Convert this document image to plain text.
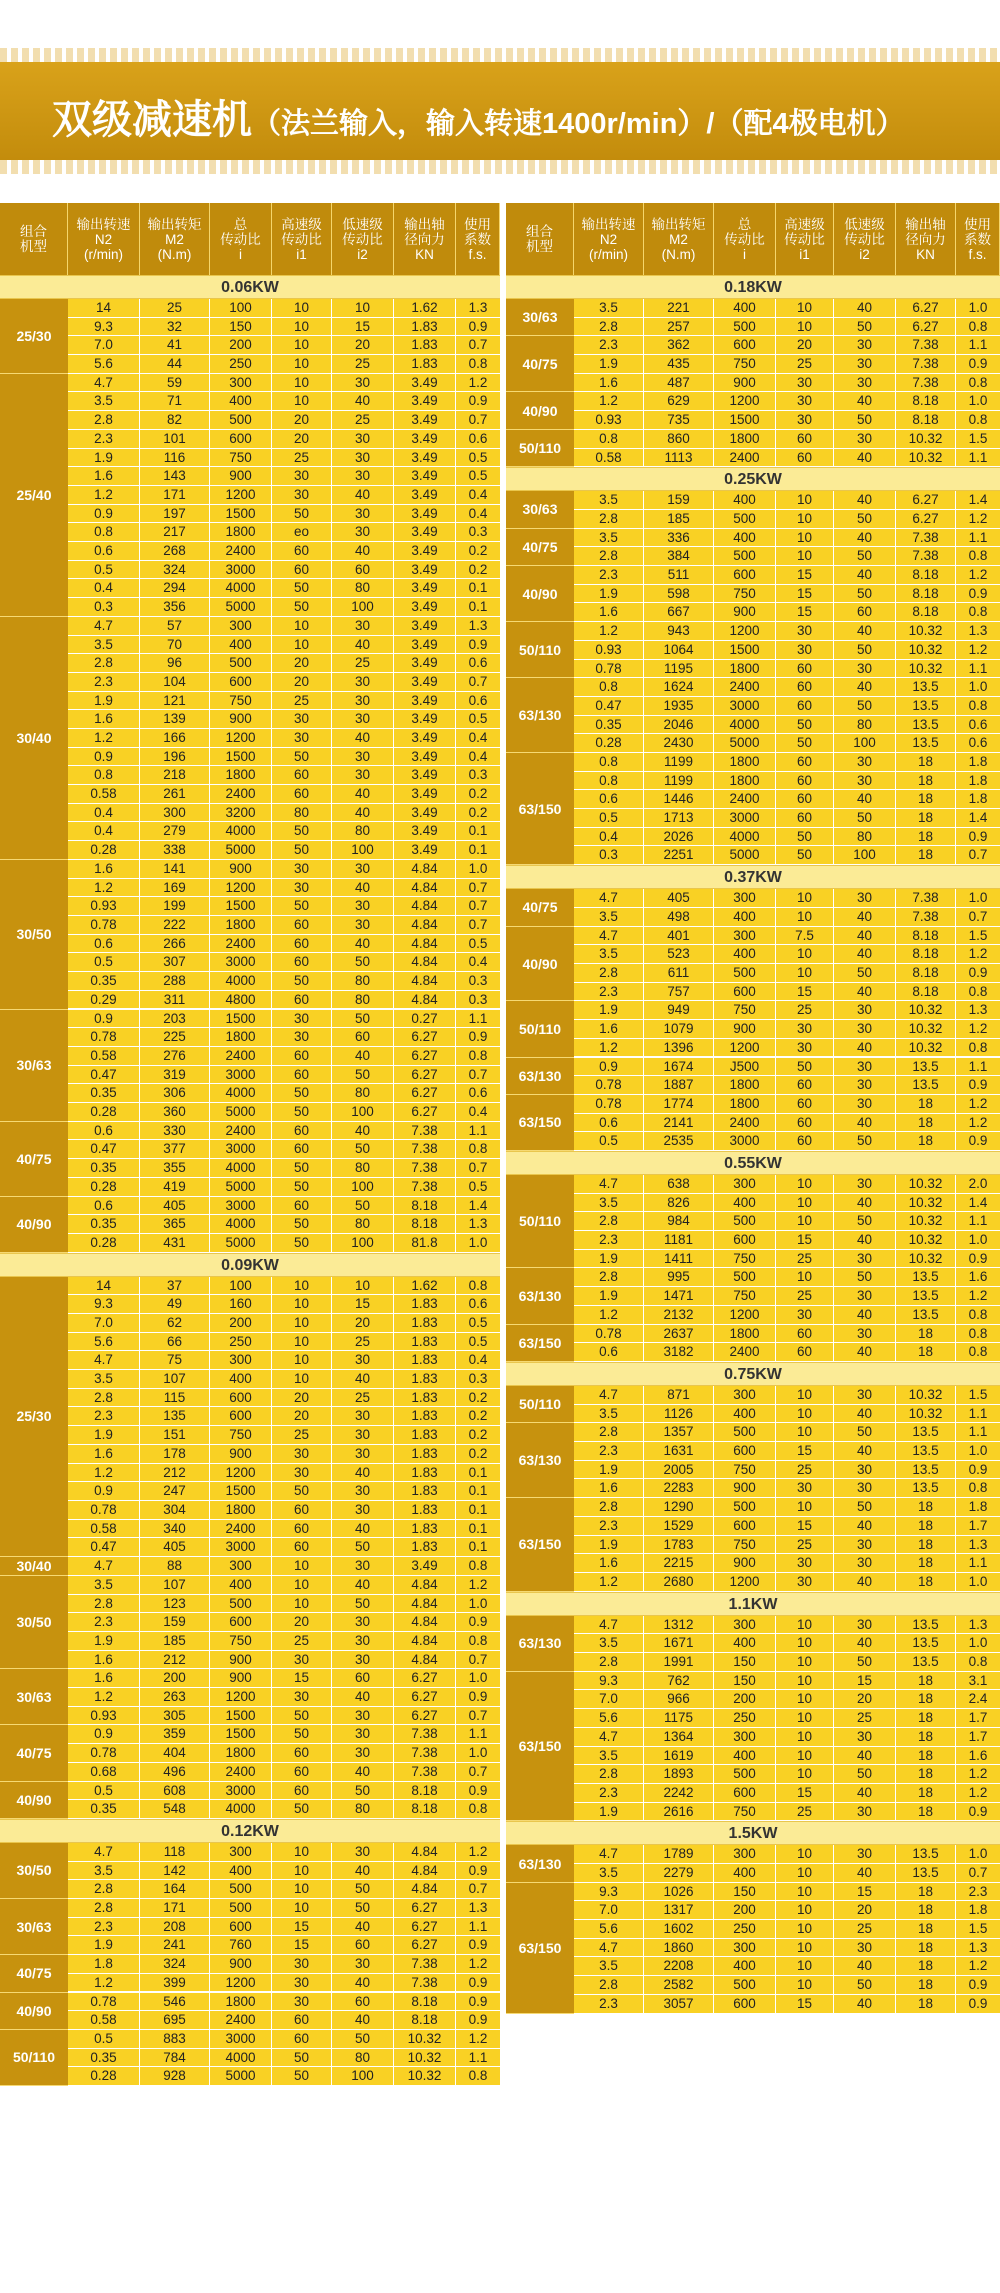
双级减速机（法兰输入，输入转速1400r/min）/（配4极电机）
组合
机型
输出转速
N2
(r/min)
输出转矩
M2
(N.m)
总
传动比
i
高速级
传动比
i1
低速级
传动比
i2
输出轴
径向力
KN
使用
系数
f.s.
0.06KW
25/30
14	25	100	10	10	1.62	1.3
9.3	32	150	10	15	1.83	0.9
7.0	41	200	10	20	1.83	0.7
5.6	44	250	10	25	1.83	0.8
25/40
4.7	59	300	10	30	3.49	1.2
3.5	71	400	10	40	3.49	0.9
2.8	82	500	20	25	3.49	0.7
2.3	101	600	20	30	3.49	0.6
1.9	116	750	25	30	3.49	0.5
1.6	143	900	30	30	3.49	0.5
1.2	171	1200	30	40	3.49	0.4
0.9	197	1500	50	30	3.49	0.4
0.8	217	1800	eo	30	3.49	0.3
0.6	268	2400	60	40	3.49	0.2
0.5	324	3000	60	60	3.49	0.2
0.4	294	4000	50	80	3.49	0.1
0.3	356	5000	50	100	3.49	0.1
30/40
4.7	57	300	10	30	3.49	1.3
3.5	70	400	10	40	3.49	0.9
2.8	96	500	20	25	3.49	0.6
2.3	104	600	20	30	3.49	0.7
1.9	121	750	25	30	3.49	0.6
1.6	139	900	30	30	3.49	0.5
1.2	166	1200	30	40	3.49	0.4
0.9	196	1500	50	30	3.49	0.4
0.8	218	1800	60	30	3.49	0.3
0.58	261	2400	60	40	3.49	0.2
0.4	300	3200	80	40	3.49	0.2
0.4	279	4000	50	80	3.49	0.1
0.28	338	5000	50	100	3.49	0.1
30/50
1.6	141	900	30	30	4.84	1.0
1.2	169	1200	30	40	4.84	0.7
0.93	199	1500	50	30	4.84	0.7
0.78	222	1800	60	30	4.84	0.7
0.6	266	2400	60	40	4.84	0.5
0.5	307	3000	60	50	4.84	0.4
0.35	288	4000	50	80	4.84	0.3
0.29	311	4800	60	80	4.84	0.3
30/63
0.9	203	1500	30	50	0.27	1.1
0.78	225	1800	30	60	6.27	0.9
0.58	276	2400	60	40	6.27	0.8
0.47	319	3000	60	50	6.27	0.7
0.35	306	4000	50	80	6.27	0.6
0.28	360	5000	50	100	6.27	0.4
40/75
0.6	330	2400	60	40	7.38	1.1
0.47	377	3000	60	50	7.38	0.8
0.35	355	4000	50	80	7.38	0.7
0.28	419	5000	50	100	7.38	0.5
40/90
0.6	405	3000	60	50	8.18	1.4
0.35	365	4000	50	80	8.18	1.3
0.28	431	5000	50	100	81.8	1.0
0.09KW
25/30
14	37	100	10	10	1.62	0.8
9.3	49	160	10	15	1.83	0.6
7.0	62	200	10	20	1.83	0.5
5.6	66	250	10	25	1.83	0.5
4.7	75	300	10	30	1.83	0.4
3.5	107	400	10	40	1.83	0.3
2.8	115	600	20	25	1.83	0.2
2.3	135	600	20	30	1.83	0.2
1.9	151	750	25	30	1.83	0.2
1.6	178	900	30	30	1.83	0.2
1.2	212	1200	30	40	1.83	0.1
0.9	247	1500	50	30	1.83	0.1
0.78	304	1800	60	30	1.83	0.1
0.58	340	2400	60	40	1.83	0.1
0.47	405	3000	60	50	1.83	0.1
30/40	4.7	88	300	10	30	3.49	0.8
30/50
3.5	107	400	10	40	4.84	1.2
2.8	123	500	10	50	4.84	1.0
2.3	159	600	20	30	4.84	0.9
1.9	185	750	25	30	4.84	0.8
1.6	212	900	30	30	4.84	0.7
30/63
1.6	200	900	15	60	6.27	1.0
1.2	263	1200	30	40	6.27	0.9
0.93	305	1500	50	30	6.27	0.7
40/75
0.9	359	1500	50	30	7.38	1.1
0.78	404	1800	60	30	7.38	1.0
0.68	496	2400	60	40	7.38	0.7
40/90
0.5	608	3000	60	50	8.18	0.9
0.35	548	4000	50	80	8.18	0.8
0.12KW
30/50
4.7	118	300	10	30	4.84	1.2
3.5	142	400	10	40	4.84	0.9
2.8	164	500	10	50	4.84	0.7
30/63
2.8	171	500	10	50	6.27	1.3
2.3	208	600	15	40	6.27	1.1
1.9	241	760	15	60	6.27	0.9
40/75
1.8	324	900	30	30	7.38	1.2
1.2	399	1200	30	40	7.38	0.9
40/90
0.78	546	1800	30	60	8.18	0.9
0.58	695	2400	60	40	8.18	0.9
50/110
0.5	883	3000	60	50	10.32	1.2
0.35	784	4000	50	80	10.32	1.1
0.28	928	5000	50	100	10.32	0.8
组合
机型
输出转速
N2
(r/min)
输出转矩
M2
(N.m)
总
传动比
i
高速级
传动比
i1
低速级
传动比
i2
输出轴
径向力
KN
使用
系数
f.s.
0.18KW
30/63
3.5	221	400	10	40	6.27	1.0
2.8	257	500	10	50	6.27	0.8
40/75
2.3	362	600	20	30	7.38	1.1
1.9	435	750	25	30	7.38	0.9
1.6	487	900	30	30	7.38	0.8
40/90
1.2	629	1200	30	40	8.18	1.0
0.93	735	1500	30	50	8.18	0.8
50/110
0.8	860	1800	60	30	10.32	1.5
0.58	1113	2400	60	40	10.32	1.1
0.25KW
30/63
3.5	159	400	10	40	6.27	1.4
2.8	185	500	10	50	6.27	1.2
40/75
3.5	336	400	10	40	7.38	1.1
2.8	384	500	10	50	7.38	0.8
40/90
2.3	511	600	15	40	8.18	1.2
1.9	598	750	15	50	8.18	0.9
1.6	667	900	15	60	8.18	0.8
50/110
1.2	943	1200	30	40	10.32	1.3
0.93	1064	1500	30	50	10.32	1.2
0.78	1195	1800	60	30	10.32	1.1
63/130
0.8	1624	2400	60	40	13.5	1.0
0.47	1935	3000	60	50	13.5	0.8
0.35	2046	4000	50	80	13.5	0.6
0.28	2430	5000	50	100	13.5	0.6
63/150
0.8	1199	1800	60	30	18	1.8
0.8	1199	1800	60	30	18	1.8
0.6	1446	2400	60	40	18	1.8
0.5	1713	3000	60	50	18	1.4
0.4	2026	4000	50	80	18	0.9
0.3	2251	5000	50	100	18	0.7
0.37KW
40/75
4.7	405	300	10	30	7.38	1.0
3.5	498	400	10	40	7.38	0.7
40/90
4.7	401	300	7.5	40	8.18	1.5
3.5	523	400	10	40	8.18	1.2
2.8	611	500	10	50	8.18	0.9
2.3	757	600	15	40	8.18	0.8
50/110
1.9	949	750	25	30	10.32	1.3
1.6	1079	900	30	30	10.32	1.2
1.2	1396	1200	30	40	10.32	0.8
63/130
0.9	1674	J500	50	30	13.5	1.1
0.78	1887	1800	60	30	13.5	0.9
63/150
0.78	1774	1800	60	30	18	1.2
0.6	2141	2400	60	40	18	1.2
0.5	2535	3000	60	50	18	0.9
0.55KW
50/110
4.7	638	300	10	30	10.32	2.0
3.5	826	400	10	40	10.32	1.4
2.8	984	500	10	50	10.32	1.1
2.3	1181	600	15	40	10.32	1.0
1.9	1411	750	25	30	10.32	0.9
63/130
2.8	995	500	10	50	13.5	1.6
1.9	1471	750	25	30	13.5	1.2
1.2	2132	1200	30	40	13.5	0.8
63/150
0.78	2637	1800	60	30	18	0.8
0.6	3182	2400	60	40	18	0.8
0.75KW
50/110
4.7	871	300	10	30	10.32	1.5
3.5	1126	400	10	40	10.32	1.1
63/130
2.8	1357	500	10	50	13.5	1.1
2.3	1631	600	15	40	13.5	1.0
1.9	2005	750	25	30	13.5	0.9
1.6	2283	900	30	30	13.5	0.8
63/150
2.8	1290	500	10	50	18	1.8
2.3	1529	600	15	40	18	1.7
1.9	1783	750	25	30	18	1.3
1.6	2215	900	30	30	18	1.1
1.2	2680	1200	30	40	18	1.0
1.1KW
63/130
4.7	1312	300	10	30	13.5	1.3
3.5	1671	400	10	40	13.5	1.0
2.8	1991	150	10	50	13.5	0.8
63/150
9.3	762	150	10	15	18	3.1
7.0	966	200	10	20	18	2.4
5.6	1175	250	10	25	18	1.7
4.7	1364	300	10	30	18	1.7
3.5	1619	400	10	40	18	1.6
2.8	1893	500	10	50	18	1.2
2.3	2242	600	15	40	18	1.2
1.9	2616	750	25	30	18	0.9
1.5KW
63/130
4.7	1789	300	10	30	13.5	1.0
3.5	2279	400	10	40	13.5	0.7
63/150
9.3	1026	150	10	15	18	2.3
7.0	1317	200	10	20	18	1.8
5.6	1602	250	10	25	18	1.5
4.7	1860	300	10	30	18	1.3
3.5	2208	400	10	40	18	1.2
2.8	2582	500	10	50	18	0.9
2.3	3057	600	15	40	18	0.9
